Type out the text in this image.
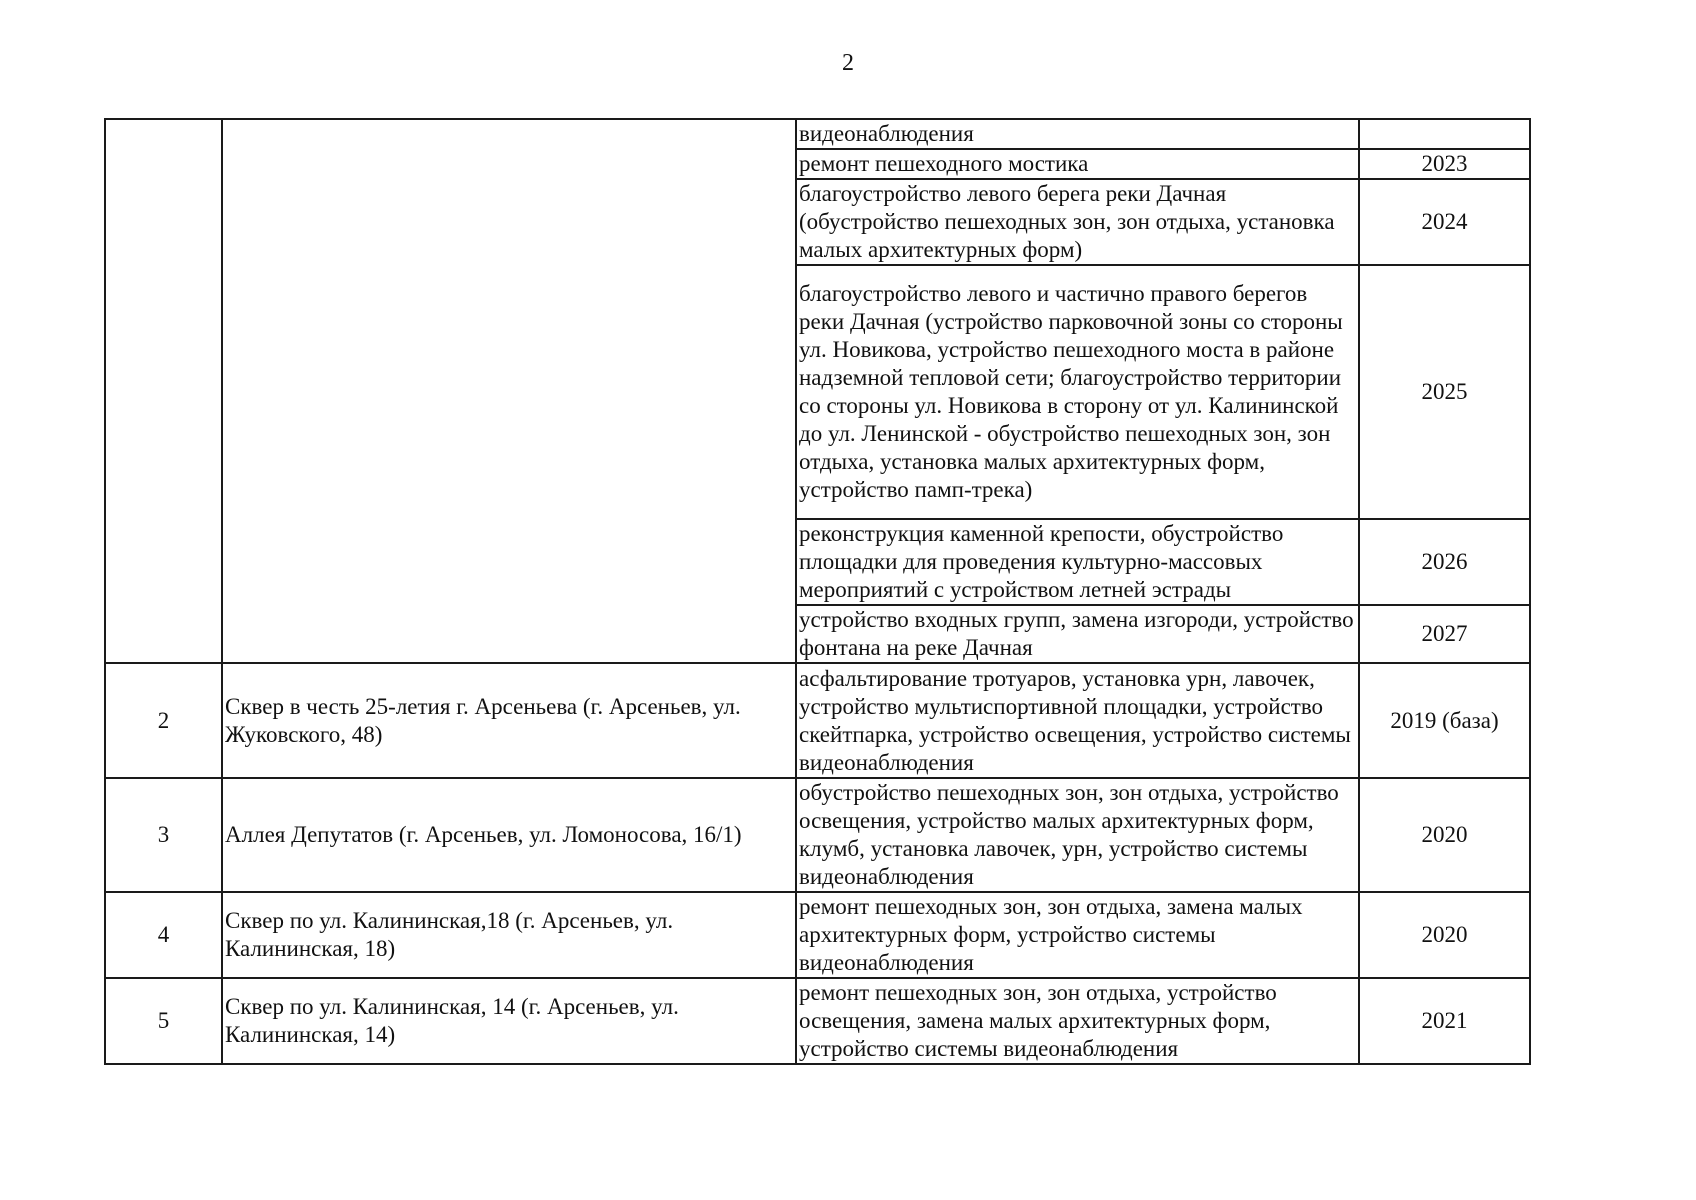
2
		видеонаблюдения	
		ремонт пешеходного мостика	2023
		благоустройство левого берега реки Дачная (обустройство пешеходных зон, зон отдыха, установка малых архитектурных форм)	2024
		благоустройство левого и частично правого берегов реки Дачная (устройство парковочной зоны со стороны ул. Новикова, устройство пешеходного моста в районе надземной тепловой сети; благоустройство территории со стороны ул. Новикова в сторону от ул. Калининской до ул. Ленинской - обустройство пешеходных зон, зон отдыха, установка малых архитектурных форм, устройство памп-трека)	2025
		реконструкция каменной крепости, обустройство площадки для проведения культурно-массовых мероприятий с устройством летней эстрады	2026
		устройство входных групп, замена изгороди, устройство фонтана на реке Дачная	2027
2	Сквер в честь 25-летия г. Арсеньева (г. Арсеньев, ул. Жуковского, 48)	асфальтирование тротуаров, установка урн, лавочек, устройство мультиспортивной площадки, устройство скейтпарка, устройство освещения, устройство системы видеонаблюдения	2019 (база)
3	Аллея Депутатов (г. Арсеньев, ул. Ломоносова, 16/1)	обустройство пешеходных зон, зон отдыха, устройство освещения, устройство малых архитектурных форм, клумб, установка лавочек, урн, устройство системы видеонаблюдения	2020
4	Сквер по ул. Калининская,18 (г. Арсеньев, ул. Калининская, 18)	ремонт пешеходных зон, зон отдыха, замена малых архитектурных форм, устройство системы видеонаблюдения	2020
5	Сквер по ул. Калининская, 14 (г. Арсеньев, ул. Калининская, 14)	ремонт пешеходных зон, зон отдыха, устройство освещения, замена малых архитектурных форм, устройство системы видеонаблюдения	2021
